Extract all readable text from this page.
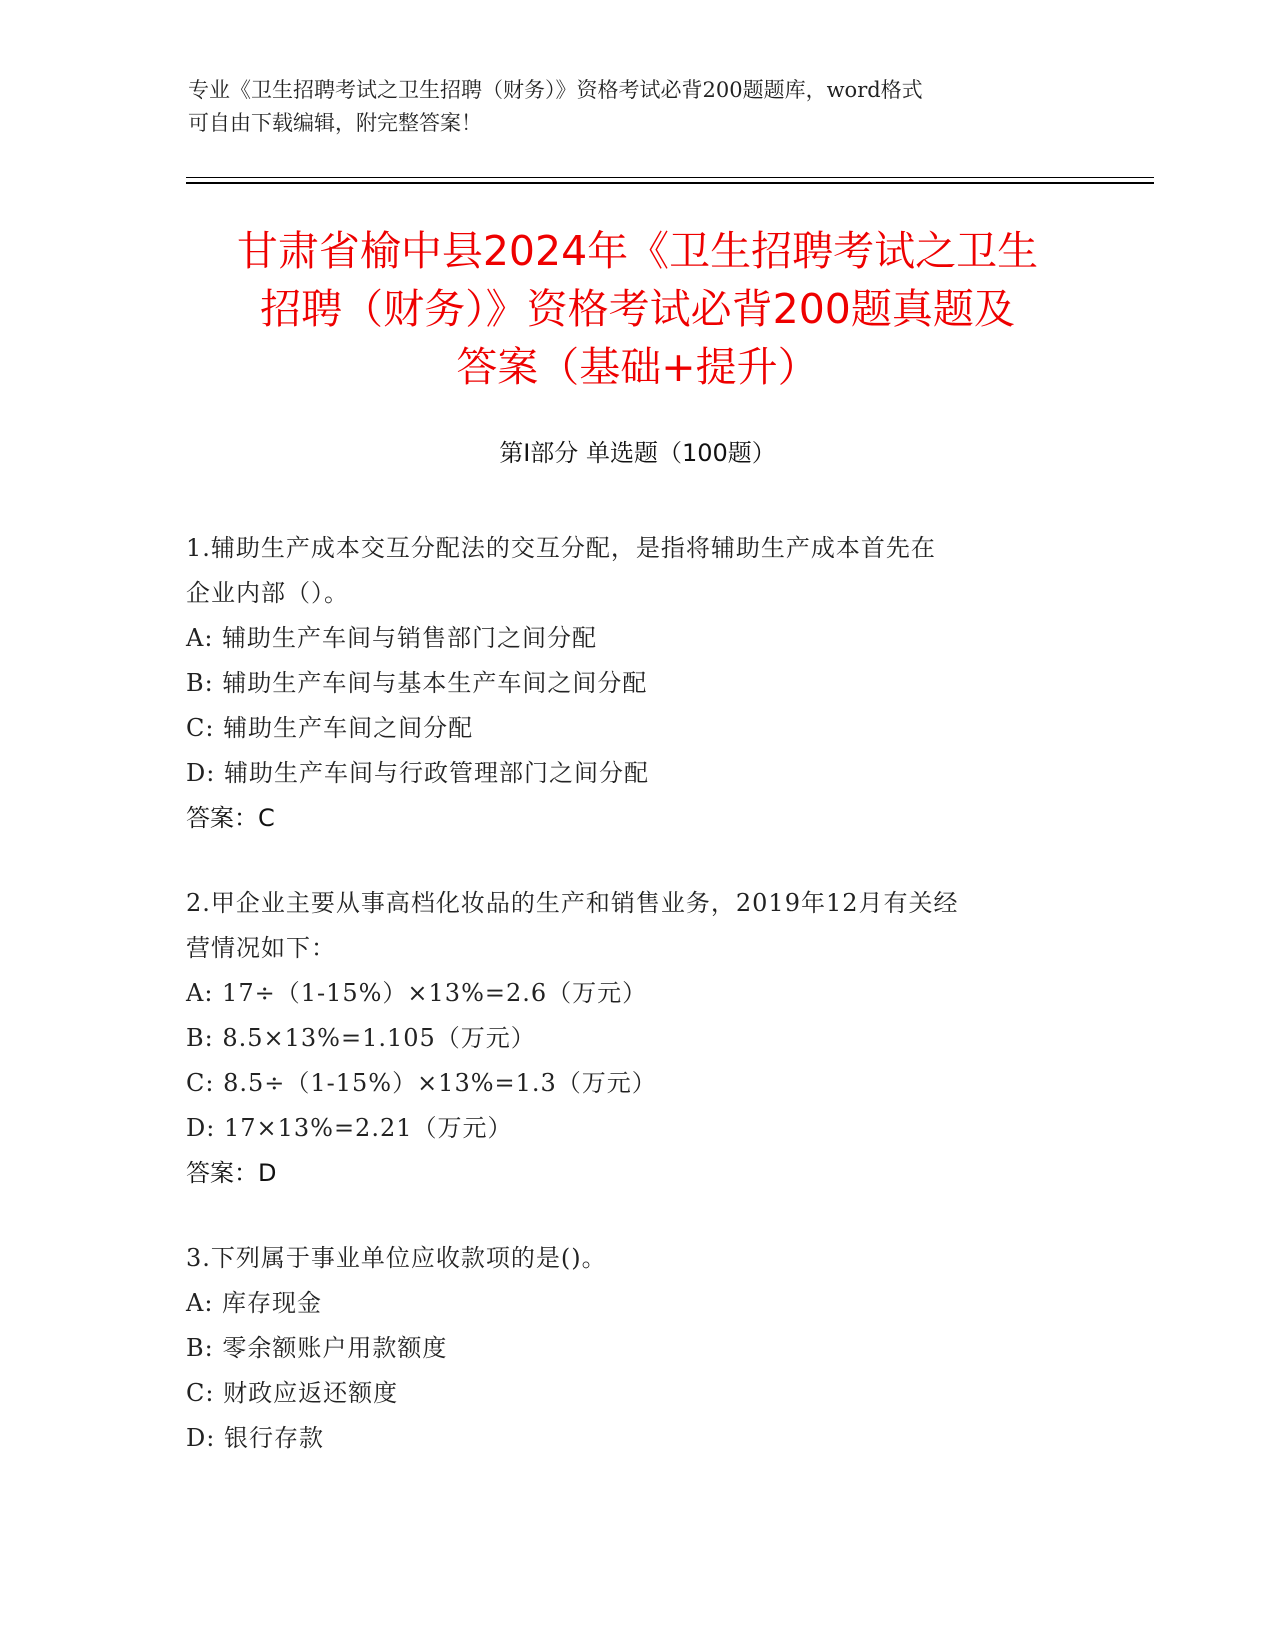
专业《卫生招聘考试之卫生招聘（财务）》资格考试必背200题题库，word格式
可自由下载编辑，附完整答案！
甘肃省榆中县2024年《卫生招聘考试之卫生
招聘（财务）》资格考试必背200题真题及
答案（基础+提升）
第I部分 单选题（100题）
1.辅助生产成本交互分配法的交互分配，是指将辅助生产成本首先在
企业内部（）。
A: 辅助生产车间与销售部门之间分配
B: 辅助生产车间与基本生产车间之间分配
C: 辅助生产车间之间分配
D: 辅助生产车间与行政管理部门之间分配
答案：C
2.甲企业主要从事高档化妆品的生产和销售业务，2019年12月有关经
营情况如下：
A: 17÷（1-15%）×13%=2.6（万元）
B: 8.5×13%=1.105（万元）
C: 8.5÷（1-15%）×13%=1.3（万元）
D: 17×13%=2.21（万元）
答案：D
3.下列属于事业单位应收款项的是()。
A: 库存现金
B: 零余额账户用款额度
C: 财政应返还额度
D: 银行存款
